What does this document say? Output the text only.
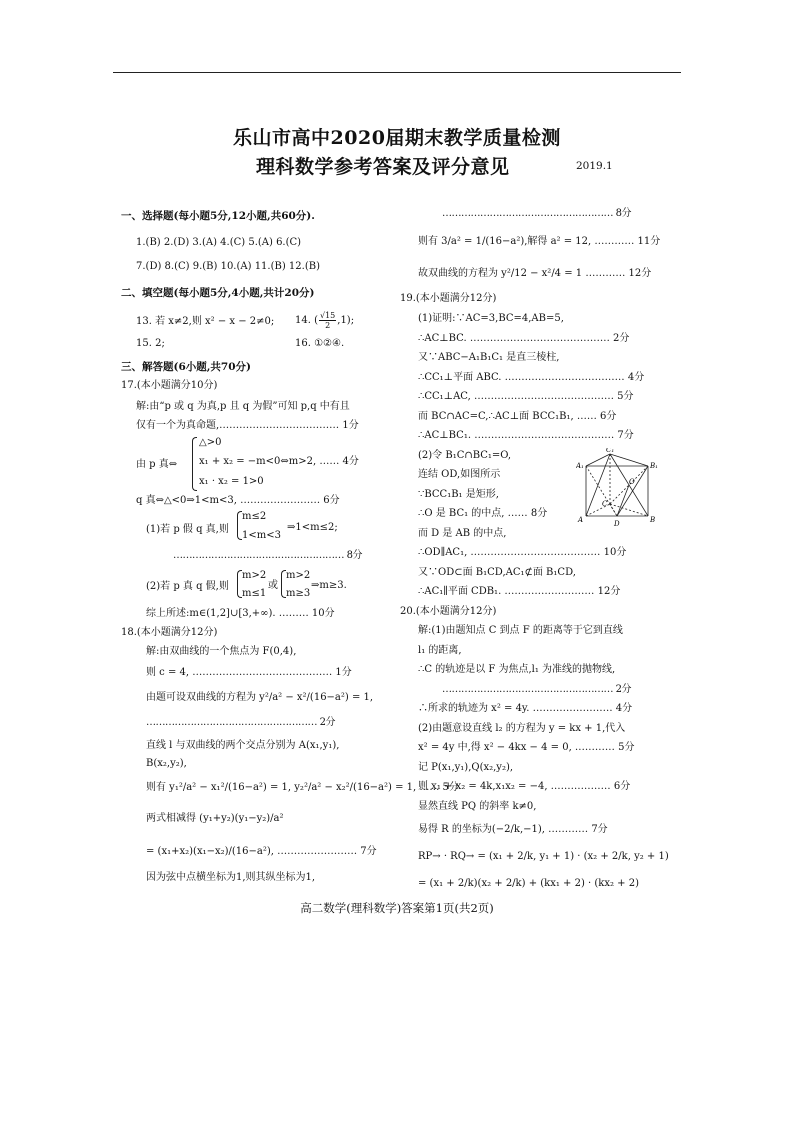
乐山市高中2020届期末教学质量检测
理科数学参考答案及评分意见	2019.1
一、选择题(每小题5分,12小题,共60分).
1.(B) 2.(D) 3.(A) 4.(C) 5.(A) 6.(C)
7.(D) 8.(C) 9.(B) 10.(A) 11.(B) 12.(B)
二、填空题(每小题5分,4小题,共计20分)
13. 若 x≠2,则 x² − x − 2≠0; 14. ( $\frac{√15}{2} ,1$);
15. 2;	16. ①②④.
三、解答题(6小题,共70分)
17.(本小题满分10分)
解:由“p 或 q 为真,p 且 q 为假”可知 p,q 中有且
仅有一个为真命题,……………………………… 1分
由 p 真⇔
△>0
x₁ + x₂ = −m<0⇔m>2, …… 4分
x₁ · x₂ = 1>0
q 真⇔△<0⇒1<m<3, …………………… 6分
(1)若 p 假 q 真,则
m≤2
1<m<3
⇒1<m≤2;
……………………………………………… 8分
(2)若 p 真 q 假,则
m>2
m≤1
或
m>2
m≥3
⇒m≥3.
综上所述:m∈(1,2]∪[3,+∞). ……… 10分
18.(本小题满分12分)
解:由双曲线的一个焦点为 F(0,4),
则 c = 4, …………………………………… 1分
由题可设双曲线的方程为 y²/a² − x²/(16−a²) = 1,
……………………………………………… 2分
直线 l 与双曲线的两个交点分别为 A(x₁,y₁),
B(x₂,y₂),
则有 y₁²/a² − x₁²/(16−a²) = 1, y₂²/a² − x₂²/(16−a²) = 1, …… 5分
两式相减得 (y₁+y₂)(y₁−y₂)/a²
= (x₁+x₂)(x₁−x₂)/(16−a²), …………………… 7分
因为弦中点横坐标为1,则其纵坐标为1,
……………………………………………… 8分
则有 3/a² = 1/(16−a²),解得 a² = 12, ………… 11分
故双曲线的方程为 y²/12 − x²/4 = 1 ………… 12分
19.(本小题满分12分)
(1)证明:∵AC=3,BC=4,AB=5,
∴AC⊥BC. …………………………………… 2分
又∵ABC−A₁B₁C₁ 是直三棱柱,
∴CC₁⊥平面 ABC. ……………………………… 4分
∴CC₁⊥AC, …………………………………… 5分
而 BC∩AC=C,∴AC⊥面 BCC₁B₁, …… 6分
∴AC⊥BC₁. …………………………………… 7分
(2)令 B₁C∩BC₁=O,
连结 OD,如图所示
∵BCC₁B₁ 是矩形,
∴O 是 BC₁ 的中点, …… 8分
而 D 是 AB 的中点,
∴OD∥AC₁, ………………………………… 10分
又∵OD⊂面 B₁CD,AC₁⊄面 B₁CD,
∴AC₁∥平面 CDB₁. ……………………… 12分
20.(本小题满分12分)
解:(1)由题知点 C 到点 F 的距离等于它到直线
l₁ 的距离,
∴C 的轨迹是以 F 为焦点,l₁ 为准线的抛物线,
……………………………………………… 2分
∴所求的轨迹为 x² = 4y. …………………… 4分
(2)由题意设直线 l₂ 的方程为 y = kx + 1,代入
x² = 4y 中,得 x² − 4kx − 4 = 0, ………… 5分
记 P(x₁,y₁),Q(x₂,y₂),
则 x₁ + x₂ = 4k,x₁x₂ = −4, ……………… 6分
显然直线 PQ 的斜率 k≠0,
易得 R 的坐标为(−2/k,−1), ………… 7分
RP→ · RQ→ = (x₁ + 2/k, y₁ + 1) · (x₂ + 2/k, y₂ + 1)
= (x₁ + 2/k)(x₂ + 2/k) + (kx₁ + 2) · (kx₂ + 2)
A₁	B₁
C₁
A	B
C
D
O
高二数学(理科数学)答案第1页(共2页)
